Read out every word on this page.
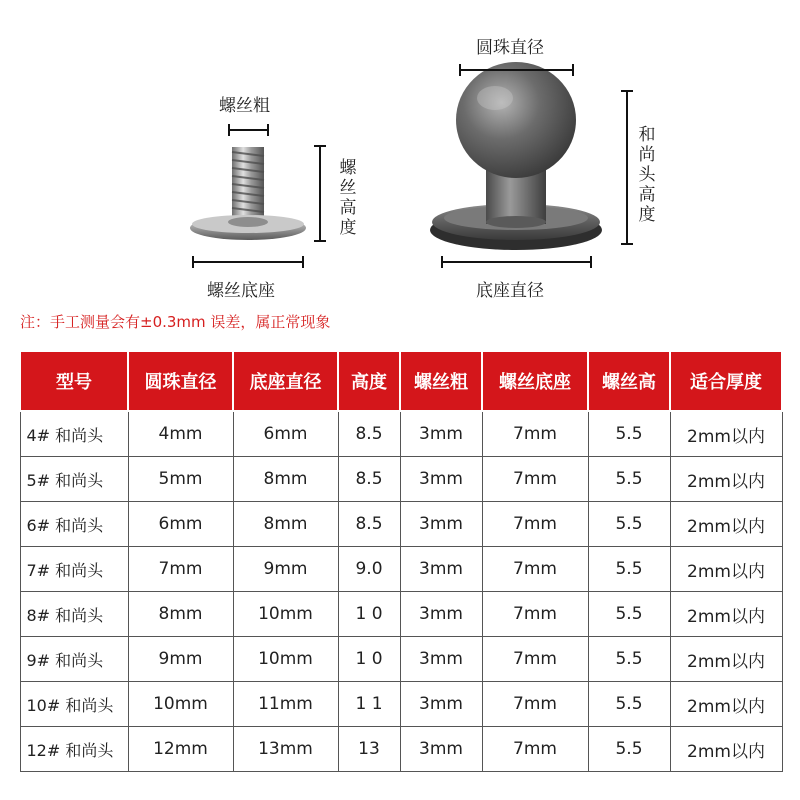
螺丝粗
螺丝高度
螺丝底座
圆珠直径
和尚头高度
底座直径
注：手工测量会有±0.3mm 误差，属正常现象
型号	圆珠直径	底座直径	高度	螺丝粗	螺丝底座	螺丝高	适合厚度
4# 和尚头	4mm	6mm	8.5	3mm	7mm	5.5	2mm以内
5# 和尚头	5mm	8mm	8.5	3mm	7mm	5.5	2mm以内
6# 和尚头	6mm	8mm	8.5	3mm	7mm	5.5	2mm以内
7# 和尚头	7mm	9mm	9.0	3mm	7mm	5.5	2mm以内
8# 和尚头	8mm	10mm	1 0	3mm	7mm	5.5	2mm以内
9# 和尚头	9mm	10mm	1 0	3mm	7mm	5.5	2mm以内
10# 和尚头	10mm	11mm	1 1	3mm	7mm	5.5	2mm以内
12# 和尚头	12mm	13mm	13	3mm	7mm	5.5	2mm以内
